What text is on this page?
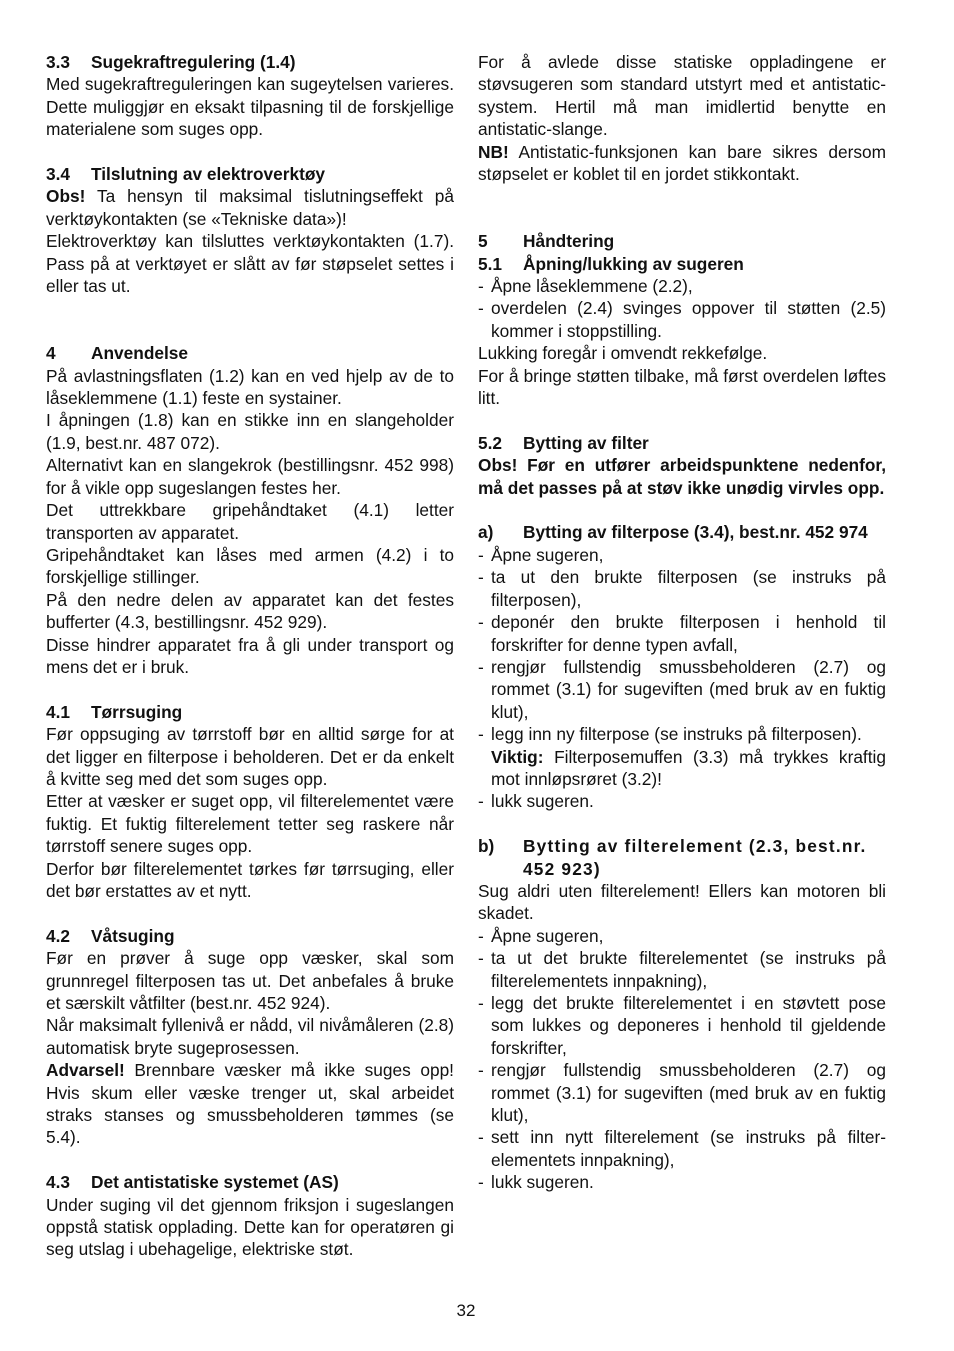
3.3	Sugekraftregulering (1.4)

Med sugekraftreguleringen kan sugeytelsen varieres. Dette muliggjør en eksakt tilpasning til de forskjellige materialene som suges opp.

3.4	Tilslutning av elektroverktøy

Obs! Ta hensyn til maksimal tislutningseffekt på verktøykontakten (se «Tekniske data»)!

Elektroverktøy kan tilsluttes verktøykontakten (1.7). Pass på at verktøyet er slått av før støpselet settes i eller tas ut.

4	Anvendelse

På avlastningsflaten (1.2) kan en ved hjelp av de to låseklemmene (1.1) feste en systainer.

I åpningen (1.8) kan en stikke inn en slangeholder (1.9, best.nr. 487 072).

Alternativt kan en slangekrok (bestillingsnr. 452 998) for å vikle opp sugeslangen festes her.

Det uttrekkbare gripehåndtaket (4.1) letter transporten av apparatet.

Gripehåndtaket kan låses med armen (4.2) i to forskjellige stillinger.

På den nedre delen av apparatet kan det festes bufferter (4.3, bestillingsnr. 452 929).

Disse hindrer apparatet fra å gli under transport og mens det er i bruk.

4.1	Tørrsuging

Før oppsuging av tørrstoff bør en alltid sørge for at det ligger en filterpose i beholderen. Det er da enkelt å kvitte seg med det som suges opp.

Etter at væsker er suget opp, vil filterelementet være fuktig. Et fuktig filterelement tetter seg raskere når tørrstoff senere suges opp.

Derfor bør filterelementet tørkes før tørrsuging, eller det bør erstattes av et nytt.

4.2	Våtsuging

Før en prøver å suge opp væsker, skal som grunnregel filterposen tas ut. Det anbefales å bruke et særskilt våtfilter (best.nr. 452 924).

Når maksimalt fyllenivå er nådd, vil nivåmåleren (2.8) automatisk bryte sugeprosessen.

Advarsel! Brennbare væsker må ikke suges opp! Hvis skum eller væske trenger ut, skal arbeidet straks stanses og smussbeholderen tømmes (se 5.4).

4.3	Det antistatiske systemet (AS)

Under suging vil det gjennom friksjon i sugeslangen oppstå statisk opplading. Dette kan for operatøren gi seg utslag i ubehagelige, elektriske støt.

For å avlede disse statiske oppladingene er støvsugeren som standard utstyrt med et antistatic-system. Hertil må man imidlertid benytte en antistatic-slange.

NB! Antistatic-funksjonen kan bare sikres dersom støpselet er koblet til en jordet stikkontakt.

5	Håndtering
5.1	Åpning/lukking av sugeren
- Åpne låseklemmene (2.2),
- overdelen (2.4) svinges oppover til støtten (2.5) kommer i stoppstilling.

Lukking foregår i omvendt rekkefølge.

For å bringe støtten tilbake, må først overdelen løftes litt.

5.2	Bytting av filter

Obs! Før en utfører arbeidspunktene nedenfor, må det passes på at støv ikke unødig virvles opp.

a)	Bytting av filterpose (3.4), best.nr. 452 974
- Åpne sugeren,
- ta ut den brukte filterposen (se instruks på filterposen),
- deponér den brukte filterposen i henhold til forskrifter for denne typen avfall,
- rengjør fullstendig smussbeholderen (2.7) og rommet (3.1) for sugeviften (med bruk av en fuktig klut),
- legg inn ny filterpose (se instruks på filterposen).

Viktig: Filterposemuffen (3.3) må trykkes kraftig mot innløpsrøret (3.2)!

- lukk sugeren.
b)	Bytting av filterelement (2.3, best.nr. 452 923)

Sug aldri uten filterelement! Ellers kan motoren bli skadet.

- Åpne sugeren,
- ta ut det brukte filterelementet (se instruks på filterelementets innpakning),
- legg det brukte filterelementet i en støvtett pose som lukkes og deponeres i henhold til gjeldende forskrifter,
- rengjør fullstendig smussbeholderen (2.7) og rommet (3.1) for sugeviften (med bruk av en fuktig klut),
- sett inn nytt filterelement (se instruks på filter-elementets innpakning),
- lukk sugeren.
32
